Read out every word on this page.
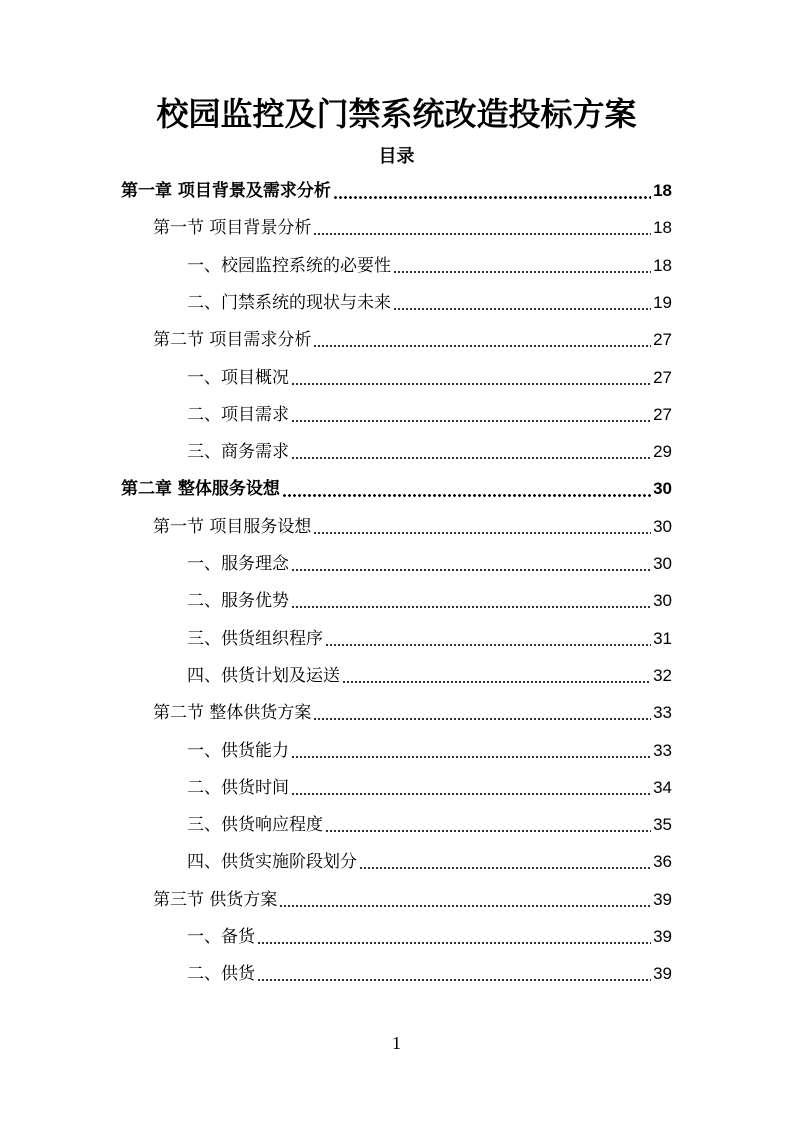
校园监控及门禁系统改造投标方案
目录
第一章 项目背景及需求分析	18
第一节 项目背景分析	18
一、校园监控系统的必要性	18
二、门禁系统的现状与未来	19
第二节 项目需求分析	27
一、项目概况	27
二、项目需求	27
三、商务需求	29
第二章 整体服务设想	30
第一节 项目服务设想	30
一、服务理念	30
二、服务优势	30
三、供货组织程序	31
四、供货计划及运送	32
第二节 整体供货方案	33
一、供货能力	33
二、供货时间	34
三、供货响应程度	35
四、供货实施阶段划分	36
第三节 供货方案	39
一、备货	39
二、供货	39
1
